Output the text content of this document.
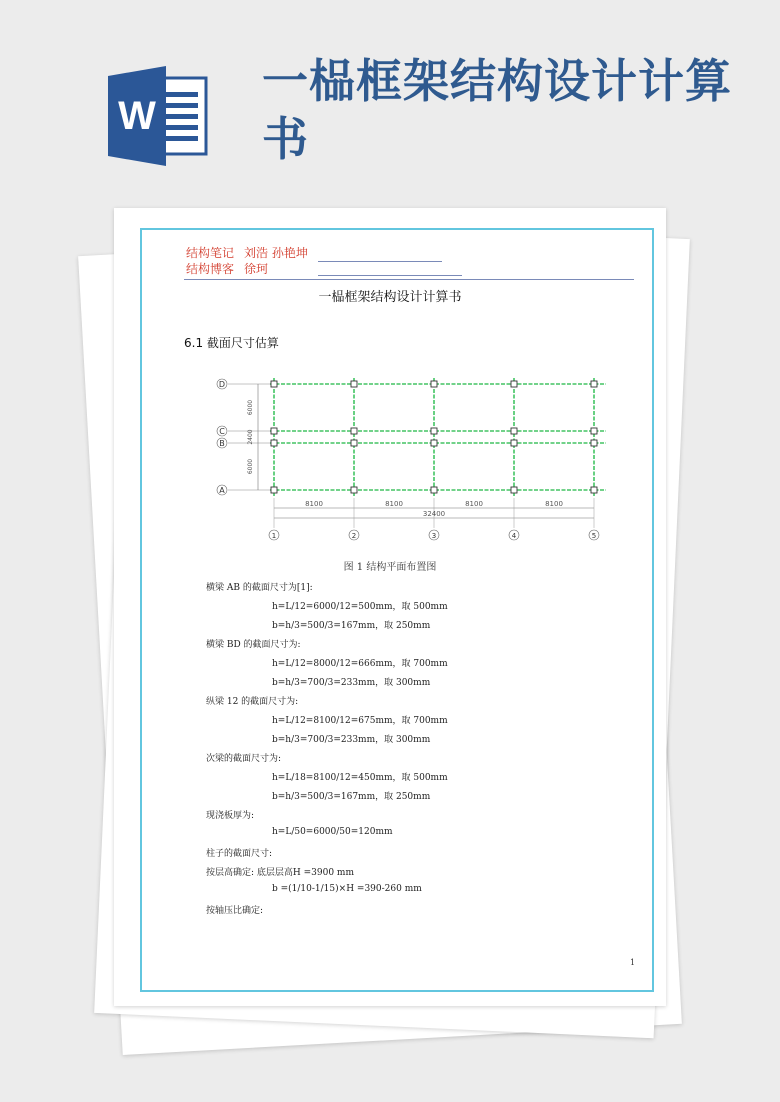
W
一榀框架结构设计计算书
结构笔记 刘浩 孙艳坤
结构博客 徐珂
一榀框架结构设计计算书
6.1 截面尺寸估算
D
C
B
A
6000
2400
6000
8100	8100	8100	8100
32400
1	2	3	4	5
图 1 结构平面布置图
横梁 AB 的截面尺寸为[1]:
h=L/12=6000/12=500mm，取 500mm
b=h/3=500/3=167mm，取 250mm
横梁 BD 的截面尺寸为:
h=L/12=8000/12=666mm，取 700mm
b=h/3=700/3=233mm，取 300mm
纵梁 12 的截面尺寸为:
h=L/12=8100/12=675mm，取 700mm
b=h/3=700/3=233mm，取 300mm
次梁的截面尺寸为:
h=L/18=8100/12=450mm，取 500mm
b=h/3=500/3=167mm，取 250mm
现浇板厚为:
h=L/50=6000/50=120mm
柱子的截面尺寸:
按层高确定: 底层层高H =3900 mm
b =(1/10-1/15)×H =390-260 mm
按轴压比确定:
1
